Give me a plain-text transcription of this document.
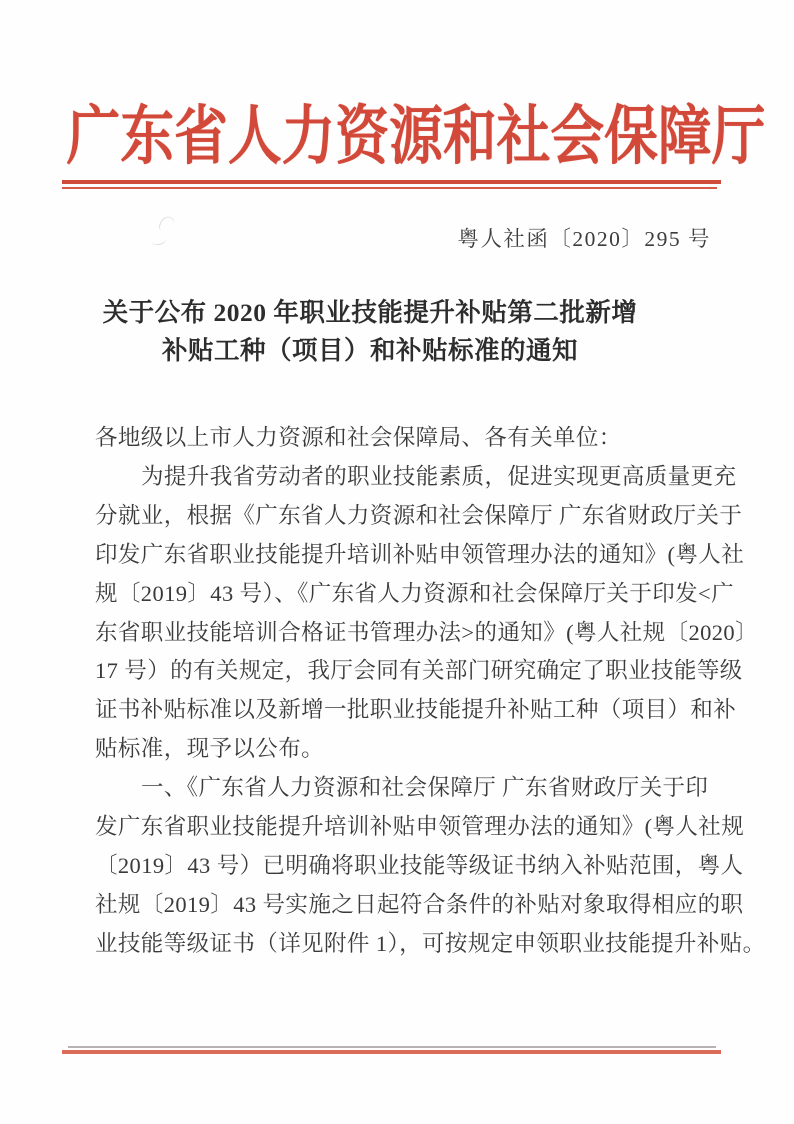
广东省人力资源和社会保障厅
粤人社函〔2020〕295 号
关于公布 2020 年职业技能提升补贴第二批新增
补贴工种（项目）和补贴标准的通知
各地级以上市人力资源和社会保障局、各有关单位：
为提升我省劳动者的职业技能素质，促进实现更高质量更充
分就业，根据《广东省人力资源和社会保障厅 广东省财政厅关于
印发广东省职业技能提升培训补贴申领管理办法的通知》(粤人社
规〔2019〕43 号）、《广东省人力资源和社会保障厅关于印发<广
东省职业技能培训合格证书管理办法>的通知》(粤人社规〔2020〕
17 号）的有关规定，我厅会同有关部门研究确定了职业技能等级
证书补贴标准以及新增一批职业技能提升补贴工种（项目）和补
贴标准，现予以公布。
一、《广东省人力资源和社会保障厅 广东省财政厅关于印
发广东省职业技能提升培训补贴申领管理办法的通知》(粤人社规
〔2019〕43 号）已明确将职业技能等级证书纳入补贴范围，粤人
社规〔2019〕43 号实施之日起符合条件的补贴对象取得相应的职
业技能等级证书（详见附件 1），可按规定申领职业技能提升补贴。
